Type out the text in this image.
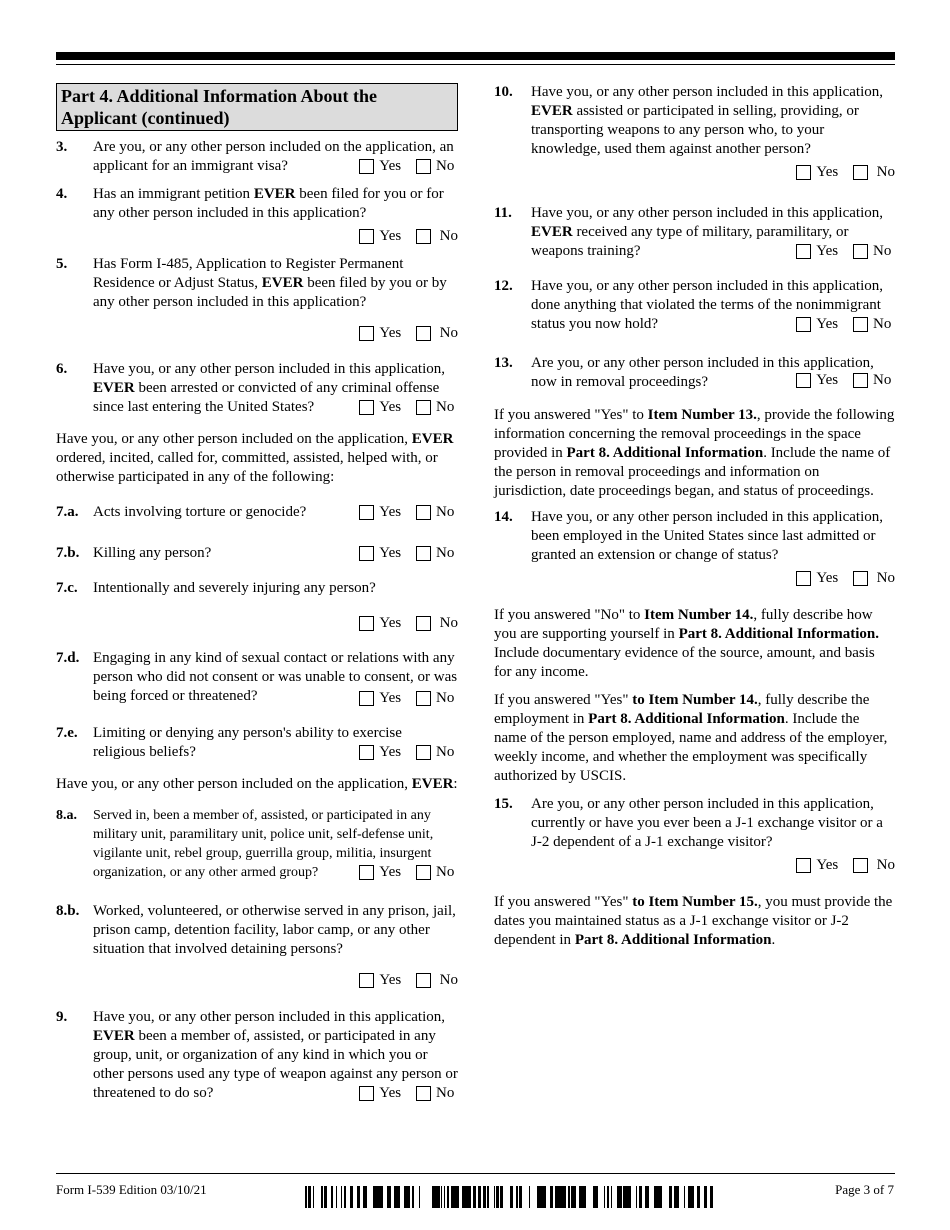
Part 4. Additional Information About the Applicant (continued)
3. Are you, or any other person included on the application, an applicant for an immigrant visa?	Yes
No
4. Has an immigrant petition EVER been filed for you or for any other person included in this application?
Yes
	No
5. Has Form I-485, Application to Register Permanent Residence or Adjust Status, EVER been filed by you or by any other person included in this application?
Yes
	No
6. Have you, or any other person included in this application, EVER been arrested or convicted of any criminal offense since last entering the United States?	Yes
No
Have you, or any other person included on the application, EVER ordered, incited, called for, committed, assisted, helped with, or otherwise participated in any of the following:
7.a. Acts involving torture or genocide?	Yes
No
7.b. Killing any person?	Yes
No
7.c. Intentionally and severely injuring any person?
Yes
	No
7.d. Engaging in any kind of sexual contact or relations with any person who did not consent or was unable to consent, or was being forced or threatened?	Yes
No
7.e. Limiting or denying any person's ability to exercise religious beliefs?	Yes
No
Have you, or any other person included on the application, EVER:
8.a. Served in, been a member of, assisted, or participated in any military unit, paramilitary unit, police unit, self-defense unit, vigilante unit, rebel group, guerrilla group, militia, insurgent organization, or any other armed group?	Yes
No
8.b. Worked, volunteered, or otherwise served in any prison, jail, prison camp, detention facility, labor camp, or any other situation that involved detaining persons?
Yes
	No
9. Have you, or any other person included in this application, EVER been a member of, assisted, or participated in any group, unit, or organization of any kind in which you or other persons used any type of weapon against any person or threatened to do so?	Yes
No
10. Have you, or any other person included in this application, EVER assisted or participated in selling, providing, or transporting weapons to any person who, to your knowledge, used them against another person?
Yes
	No
11. Have you, or any other person included in this application, EVER received any type of military, paramilitary, or weapons training?	Yes
No
12. Have you, or any other person included in this application, done anything that violated the terms of the nonimmigrant status you now hold?	Yes
No
13. Are you, or any other person included in this application, now in removal proceedings?	Yes
No
If you answered "Yes" to Item Number 13., provide the following information concerning the removal proceedings in the space provided in Part 8. Additional Information. Include the name of the person in removal proceedings and information on jurisdiction, date proceedings began, and status of proceedings.
14. Have you, or any other person included in this application, been employed in the United States since last admitted or granted an extension or change of status?
Yes
	No
If you answered "No" to Item Number 14., fully describe how you are supporting yourself in Part 8. Additional Information. Include documentary evidence of the source, amount, and basis for any income.
If you answered "Yes" to Item Number 14., fully describe the employment in Part 8. Additional Information. Include the name of the person employed, name and address of the employer, weekly income, and whether the employment was specifically authorized by USCIS.
15. Are you, or any other person included in this application, currently or have you ever been a J-1 exchange visitor or a J-2 dependent of a J-1 exchange visitor?
Yes
	No
If you answered "Yes" to Item Number 15., you must provide the dates you maintained status as a J-1 exchange visitor or J-2 dependent in Part 8. Additional Information.
Form I-539 Edition 03/10/21	Page 3 of 7
